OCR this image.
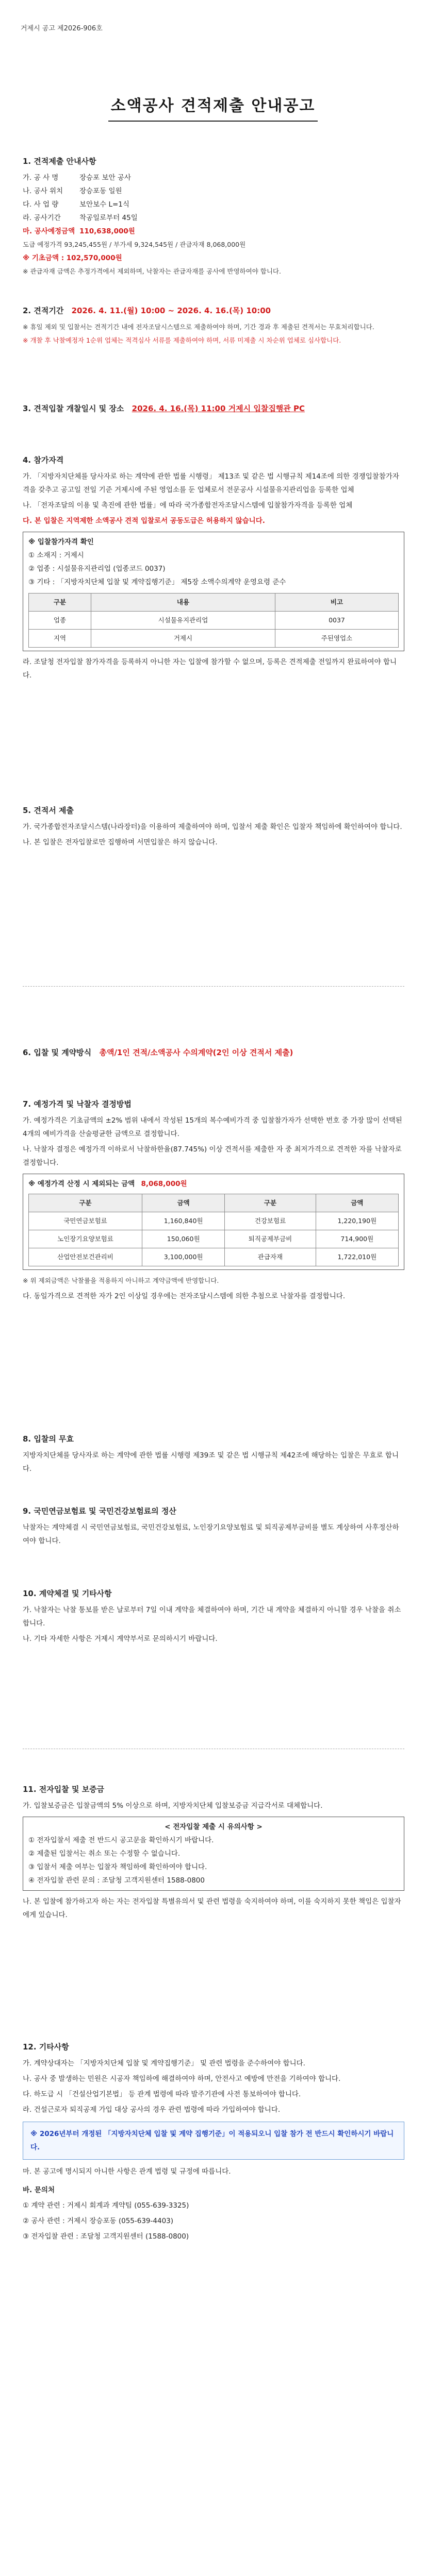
거제시 공고 제2026-906호
소액공사 견적제출 안내공고
1. 견적제출 안내사항
가. 공 사 명	장승포 보안 공사
나. 공사 위치	장승포동 일원
다. 사 업 량	보안보수 L=1식
라. 공사기간	착공일로부터 45일
마. 공사예정금액 110,638,000원
도급 예정가격 93,245,455원 / 부가세 9,324,545원 / 관급자재 8,068,000원
※ 기초금액 : 102,570,000원
※ 관급자재 금액은 추정가격에서 제외하며, 낙찰자는 관급자재를 공사에 반영하여야 합니다.
2. 견적기간 2026. 4. 11.(월) 10:00 ~ 2026. 4. 16.(목) 10:00
※ 휴일 제외 및 입찰서는 견적기간 내에 전자조달시스템으로 제출하여야 하며, 기간 경과 후 제출된 견적서는 무효처리합니다.
※ 개찰 후 낙찰예정자 1순위 업체는 적격심사 서류를 제출하여야 하며, 서류 미제출 시 차순위 업체로 심사합니다.
3. 견적입찰 개찰일시 및 장소 2026. 4. 16.(목) 11:00 거제시 입찰집행관 PC
4. 참가자격
가. 「지방자치단체를 당사자로 하는 계약에 관한 법률 시행령」 제13조 및 같은 법 시행규칙 제14조에 의한 경쟁입찰참가자격을 갖추고 공고일 전일 기준 거제시에 주된 영업소를 둔 업체로서 전문공사 시설물유지관리업을 등록한 업체
나. 「전자조달의 이용 및 촉진에 관한 법률」에 따라 국가종합전자조달시스템에 입찰참가자격을 등록한 업체
다. 본 입찰은 지역제한 소액공사 견적 입찰로서 공동도급은 허용하지 않습니다.
※ 입찰참가자격 확인
① 소재지 : 거제시
② 업종 : 시설물유지관리업 (업종코드 0037)
③ 기타 : 「지방자치단체 입찰 및 계약집행기준」 제5장 소액수의계약 운영요령 준수
구분	내용	비고
업종	시설물유지관리업	0037
지역	거제시	주된영업소
라. 조달청 전자입찰 참가자격을 등록하지 아니한 자는 입찰에 참가할 수 없으며, 등록은 견적제출 전일까지 완료하여야 합니다.
5. 견적서 제출
가. 국가종합전자조달시스템(나라장터)을 이용하여 제출하여야 하며, 입찰서 제출 확인은 입찰자 책임하에 확인하여야 합니다.
나. 본 입찰은 전자입찰로만 집행하며 서면입찰은 하지 않습니다.
6. 입찰 및 계약방식 총액/1인 견적/소액공사 수의계약(2인 이상 견적서 제출)
7. 예정가격 및 낙찰자 결정방법
가. 예정가격은 기초금액의 ±2% 범위 내에서 작성된 15개의 복수예비가격 중 입찰참가자가 선택한 번호 중 가장 많이 선택된 4개의 예비가격을 산술평균한 금액으로 결정합니다.
나. 낙찰자 결정은 예정가격 이하로서 낙찰하한율(87.745%) 이상 견적서를 제출한 자 중 최저가격으로 견적한 자를 낙찰자로 결정합니다.
※ 예정가격 산정 시 제외되는 금액 8,068,000원
구분	금액	구분	금액
국민연금보험료	1,160,840원	건강보험료	1,220,190원
노인장기요양보험료	150,060원	퇴직공제부금비	714,900원
산업안전보건관리비	3,100,000원	관급자재	1,722,010원
※ 위 제외금액은 낙찰률을 적용하지 아니하고 계약금액에 반영합니다.
다. 동일가격으로 견적한 자가 2인 이상일 경우에는 전자조달시스템에 의한 추첨으로 낙찰자를 결정합니다.
8. 입찰의 무효
지방자치단체를 당사자로 하는 계약에 관한 법률 시행령 제39조 및 같은 법 시행규칙 제42조에 해당하는 입찰은 무효로 합니다.
9. 국민연금보험료 및 국민건강보험료의 정산
낙찰자는 계약체결 시 국민연금보험료, 국민건강보험료, 노인장기요양보험료 및 퇴직공제부금비를 별도 계상하여 사후정산하여야 합니다.
10. 계약체결 및 기타사항
가. 낙찰자는 낙찰 통보를 받은 날로부터 7일 이내 계약을 체결하여야 하며, 기간 내 계약을 체결하지 아니할 경우 낙찰을 취소합니다.
나. 기타 자세한 사항은 거제시 계약부서로 문의하시기 바랍니다.
11. 전자입찰 및 보증금
가. 입찰보증금은 입찰금액의 5% 이상으로 하며, 지방자치단체 입찰보증금 지급각서로 대체합니다.
< 전자입찰 제출 시 유의사항 >
① 전자입찰서 제출 전 반드시 공고문을 확인하시기 바랍니다.
② 제출된 입찰서는 취소 또는 수정할 수 없습니다.
③ 입찰서 제출 여부는 입찰자 책임하에 확인하여야 합니다.
④ 전자입찰 관련 문의 : 조달청 고객지원센터 1588-0800
나. 본 입찰에 참가하고자 하는 자는 전자입찰 특별유의서 및 관련 법령을 숙지하여야 하며, 이를 숙지하지 못한 책임은 입찰자에게 있습니다.
12. 기타사항
가. 계약상대자는 「지방자치단체 입찰 및 계약집행기준」 및 관련 법령을 준수하여야 합니다.
나. 공사 중 발생하는 민원은 시공자 책임하에 해결하여야 하며, 안전사고 예방에 만전을 기하여야 합니다.
다. 하도급 시 「건설산업기본법」 등 관계 법령에 따라 발주기관에 사전 통보하여야 합니다.
라. 건설근로자 퇴직공제 가입 대상 공사의 경우 관련 법령에 따라 가입하여야 합니다.
※ 2026년부터 개정된 「지방자치단체 입찰 및 계약 집행기준」이 적용되오니 입찰 참가 전 반드시 확인하시기 바랍니다.
마. 본 공고에 명시되지 아니한 사항은 관계 법령 및 규정에 따릅니다.
바. 문의처
① 계약 관련 : 거제시 회계과 계약팀 (055-639-3325)
② 공사 관련 : 거제시 장승포동 (055-639-4403)
③ 전자입찰 관련 : 조달청 고객지원센터 (1588-0800)
